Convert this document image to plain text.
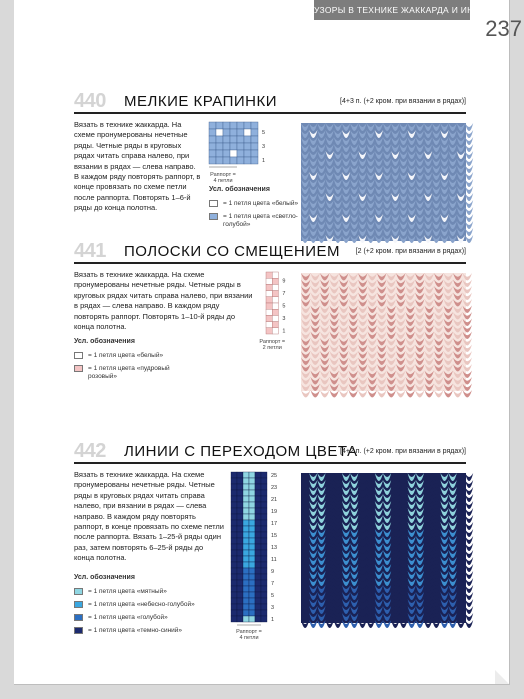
УЗОРЫ В ТЕХНИКЕ ЖАККАРДА И ИНТАРСИИ
237
440 МЕЛКИЕ КРАПИНКИ	[4+3 п. (+2 кром. при вязании в рядах)]
Вязать в технике жаккарда. На схеме пронумерованы нечетные ряды. Четные ряды в круговых рядах читать справа налево, при вязании в рядах — слева направо. В каждом ряду повторять раппорт, в конце провязать по схеме петли после раппорта. Повторять 1–6-й ряды до конца полотна.
5
3
1
Раппорт =
4 петли
Усл. обозначения
= 1 петля цвета «белый»
= 1 петля цвета «светло-голубой»
441 ПОЛОСКИ СО СМЕЩЕНИЕМ [2 (+2 кром. при вязании в рядах)]
Вязать в технике жаккарда. На схеме пронумерованы нечетные ряды. Четные ряды в круговых рядах читать справа налево, при вязании в рядах — слева направо. В каждом ряду повторять раппорт. Повторять 1–10-й ряды до конца полотна.
9
7
5
3
1
Раппорт =
2 петли
Усл. обозначения
= 1 петля цвета «белый»
= 1 петля цвета «пудровый розовый»
442 ЛИНИИ С ПЕРЕХОДОМ ЦВЕТА
[4+2 п. (+2 кром. при вязании в рядах)]
Вязать в технике жаккарда. На схеме пронумерованы нечетные ряды. Четные ряды в круговых рядах читать справа налево, при вязании в рядах — слева направо. В каждом ряду повторять раппорт, в конце провязать по схеме петли после раппорта. Вязать 1–25-й ряды один раз, затем повторять 6–25-й ряды до конца полотна.
25
23
21
19
17
15
13
11
9
7
5
3
1
Раппорт =
4 петли
Усл. обозначения
= 1 петля цвета «мятный»
= 1 петля цвета «небесно-голубой»
= 1 петля цвета «голубой»
= 1 петля цвета «темно-синий»
